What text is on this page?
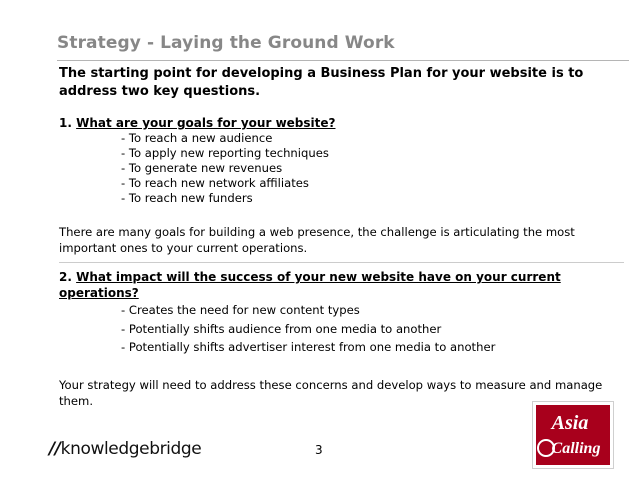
Strategy - Laying the Ground Work

The starting point for developing a Business Plan for your website is to address two key questions.

1. What are your goals for your website?

- To reach a new audience
- To apply new reporting techniques
- To generate new revenues
- To reach new network affiliates
- To reach new funders

There are many goals for building a web presence, the challenge is articulating the most important ones to your current operations.

2. What impact will the success of your new website have on your current operations?

- Creates the need for new content types
- Potentially shifts audience from one media to another
- Potentially shifts advertiser interest from one media to another

Your strategy will need to address these concerns and develop ways to measure and manage them.

//knowledgebridge	3
Asia
Calling
